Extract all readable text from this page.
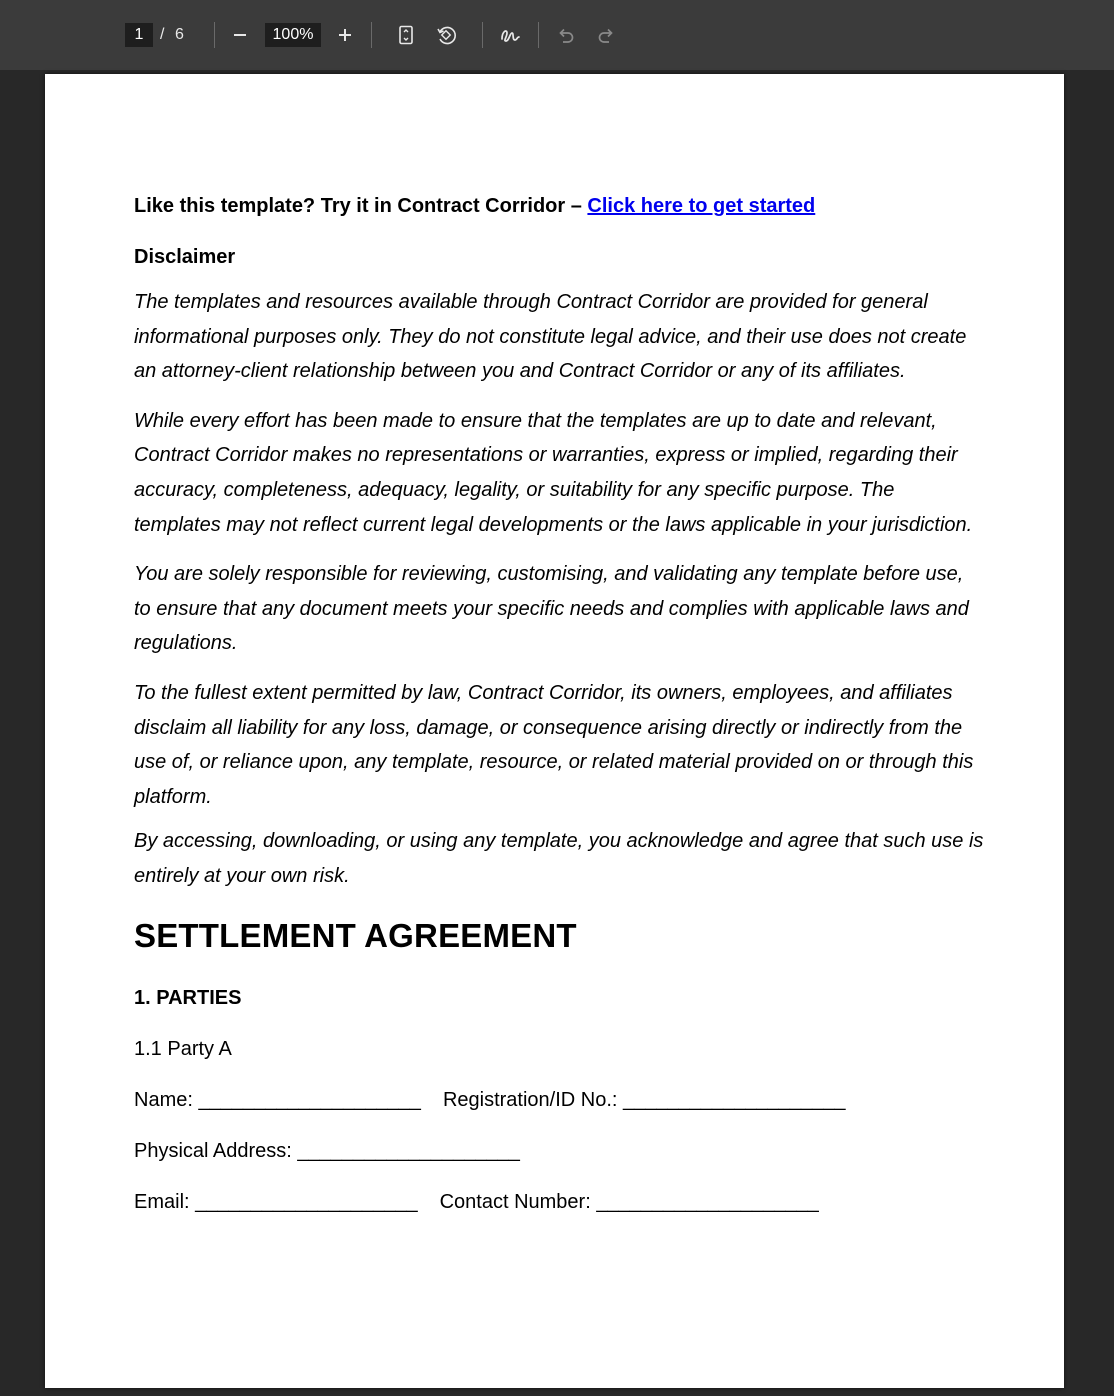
1	/ 6	100%

Like this template? Try it in Contract Corridor – Click here to get started

Disclaimer

The templates and resources available through Contract Corridor are provided for general informational purposes only. They do not constitute legal advice, and their use does not create an attorney-client relationship between you and Contract Corridor or any of its affiliates.

While every effort has been made to ensure that the templates are up to date and relevant, Contract Corridor makes no representations or warranties, express or implied, regarding their accuracy, completeness, adequacy, legality, or suitability for any specific purpose. The templates may not reflect current legal developments or the laws applicable in your jurisdiction.

You are solely responsible for reviewing, customising, and validating any template before use, to ensure that any document meets your specific needs and complies with applicable laws and regulations.

To the fullest extent permitted by law, Contract Corridor, its owners, employees, and affiliates disclaim all liability for any loss, damage, or consequence arising directly or indirectly from the use of, or reliance upon, any template, resource, or related material provided on or through this platform.

By accessing, downloading, or using any template, you acknowledge and agree that such use is entirely at your own risk.

SETTLEMENT AGREEMENT

1. PARTIES

1.1 Party A

Name: ____________________ Registration/ID No.: ____________________

Physical Address: ____________________

Email: ____________________ Contact Number: ____________________
